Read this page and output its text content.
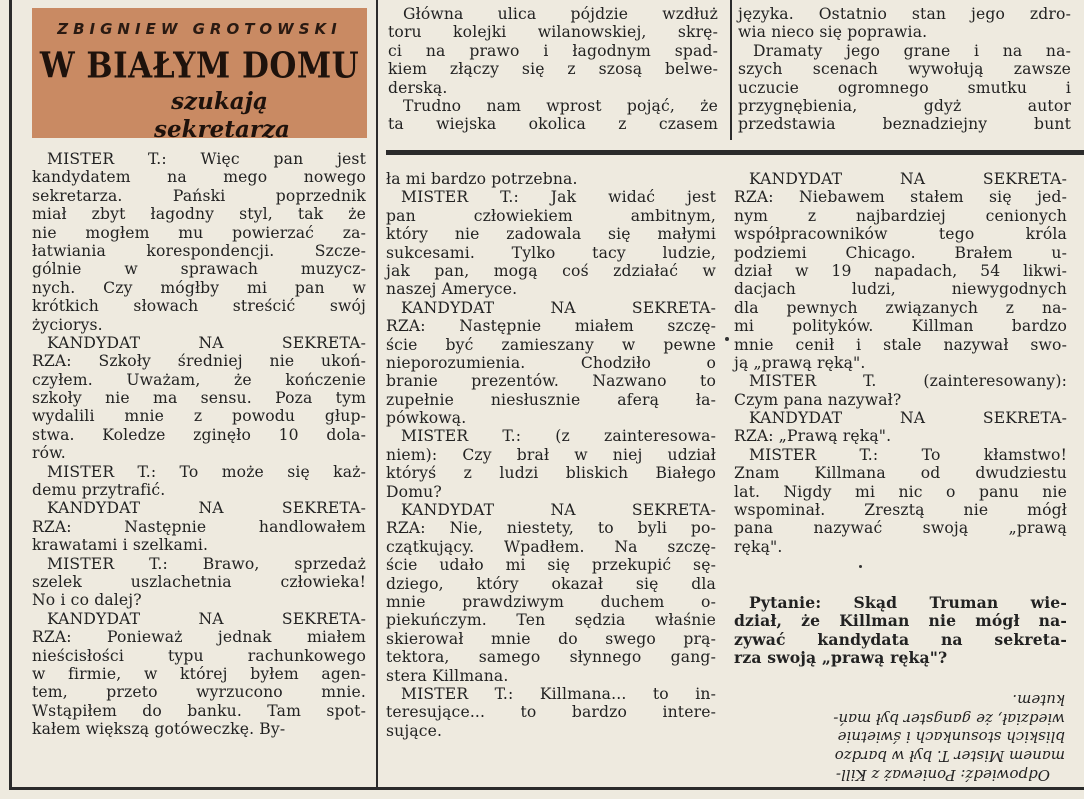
ZBIGNIEW GROTOWSKI
W BIAŁYM DOMU
szukają
sekretarza
Główna ulica pójdzie wzdłuż
toru kolejki wilanowskiej, skrę-
ci na prawo i łagodnym spad-
kiem złączy się z szosą belwe-
derską.
Trudno nam wprost pojąć, że
ta wiejska okolica z czasem
języka. Ostatnio stan jego zdro-
wia nieco się poprawia.
Dramaty jego grane i na na-
szych scenach wywołują zawsze
uczucie ogromnego smutku i
przygnębienia, gdyż autor
przedstawia beznadziejny bunt
MISTER T.: Więc pan jest
kandydatem na mego nowego
sekretarza. Pański poprzednik
miał zbyt łagodny styl, tak że
nie mogłem mu powierzać za-
łatwiania korespondencji. Szcze-
gólnie w sprawach muzycz-
nych. Czy mógłby mi pan w
krótkich słowach streścić swój
życiorys.
KANDYDAT NA SEKRETA-
RZA: Szkoły średniej nie ukoń-
czyłem. Uważam, że kończenie
szkoły nie ma sensu. Poza tym
wydalili mnie z powodu głup-
stwa. Koledze zginęło 10 dola-
rów.
MISTER T.: To może się każ-
demu przytrafić.
KANDYDAT NA SEKRETA-
RZA: Następnie handlowałem
krawatami i szelkami.
MISTER T.: Brawo, sprzedaż
szelek uszlachetnia człowieka!
No i co dalej?
KANDYDAT NA SEKRETA-
RZA: Ponieważ jednak miałem
nieścisłości typu rachunkowego
w firmie, w której byłem agen-
tem, przeto wyrzucono mnie.
Wstąpiłem do banku. Tam spot-
kałem większą gotóweczkę. By-
ła mi bardzo potrzebna.
MISTER T.: Jak widać jest
pan człowiekiem ambitnym,
który nie zadowala się małymi
sukcesami. Tylko tacy ludzie,
jak pan, mogą coś zdziałać w
naszej Ameryce.
KANDYDAT NA SEKRETA-
RZA: Następnie miałem szczę-
ście być zamieszany w pewne
nieporozumienia. Chodziło o
branie prezentów. Nazwano to
zupełnie niesłusznie aferą ła-
pówkową.
MISTER T.: (z zainteresowa-
niem): Czy brał w niej udział
któryś z ludzi bliskich Białego
Domu?
KANDYDAT NA SEKRETA-
RZA: Nie, niestety, to byli po-
czątkujący. Wpadłem. Na szczę-
ście udało mi się przekupić sę-
dziego, który okazał się dla
mnie prawdziwym duchem o-
piekuńczym. Ten sędzia właśnie
skierował mnie do swego prą-
tektora, samego słynnego gang-
stera Killmana.
MISTER T.: Killmana... to in-
teresujące... to bardzo intere-
sujące.
KANDYDAT NA SEKRETA-
RZA: Niebawem stałem się jed-
nym z najbardziej cenionych
współpracowników tego króla
podziemi Chicago. Brałem u-
dział w 19 napadach, 54 likwi-
dacjach ludzi, niewygodnych
dla pewnych związanych z na-
mi polityków. Killman bardzo
mnie cenił i stale nazywał swo-
ją „prawą ręką".
MISTER T. (zainteresowany):
Czym pana nazywał?
KANDYDAT NA SEKRETA-
RZA: „Prawą ręką".
MISTER T.: To kłamstwo!
Znam Killmana od dwudziestu
lat. Nigdy mi nic o panu nie
wspominał. Zresztą nie mógł
pana nazywać swoją „prawą
ręką".
Pytanie: Skąd Truman wie-
dział, że Killman nie mógł na-
zywać kandydata na sekreta-
rza swoją „prawą ręką"?
Odpowiedź: Ponieważ z Kill-
manem Mister T. był w bardzo
bliskich stosunkach i świetnie
wiedział, że gangster był mań-
kutem.
